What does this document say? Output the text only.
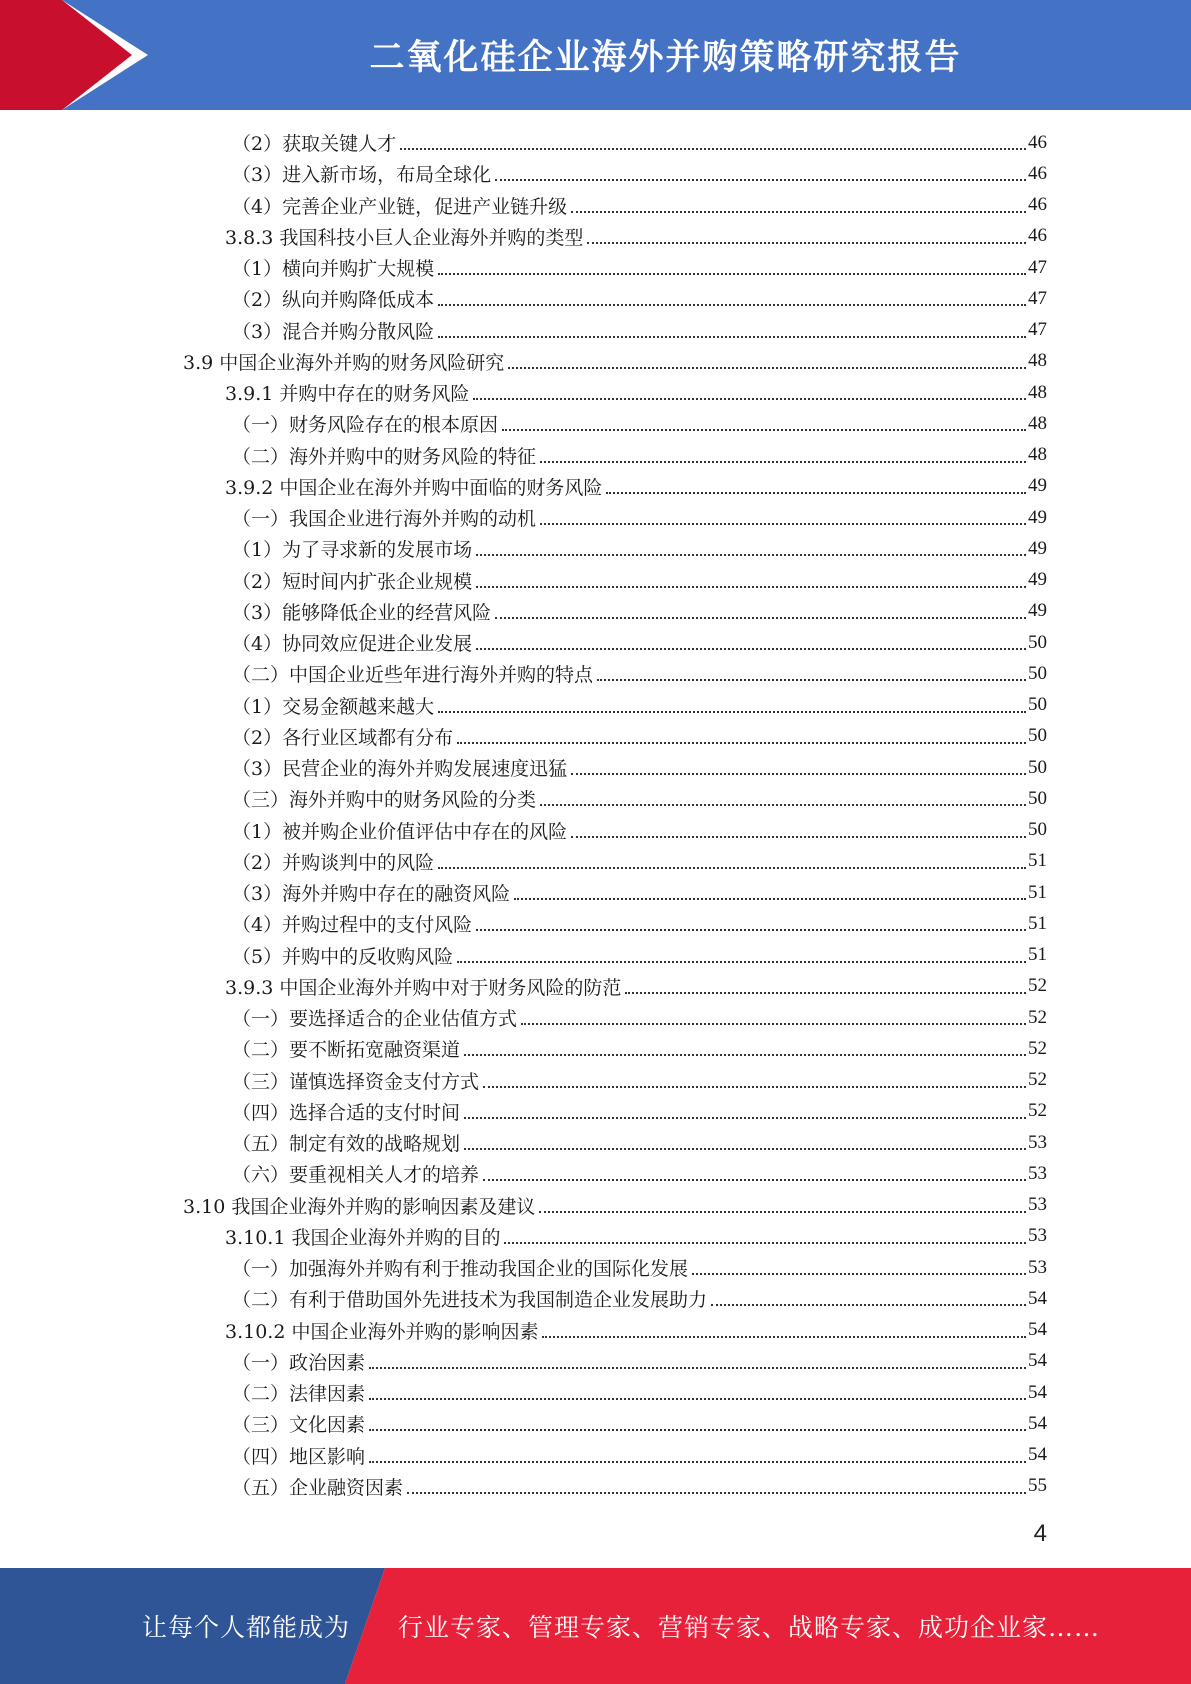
二氧化硅企业海外并购策略研究报告
（2）获取关键人才	46
（3）进入新市场，布局全球化	46
（4）完善企业产业链，促进产业链升级	46
3.8.3 我国科技小巨人企业海外并购的类型	46
（1）横向并购扩大规模	47
（2）纵向并购降低成本	47
（3）混合并购分散风险	47
3.9 中国企业海外并购的财务风险研究	48
3.9.1 并购中存在的财务风险	48
（一）财务风险存在的根本原因	48
（二）海外并购中的财务风险的特征	48
3.9.2 中国企业在海外并购中面临的财务风险	49
（一）我国企业进行海外并购的动机	49
（1）为了寻求新的发展市场	49
（2）短时间内扩张企业规模	49
（3）能够降低企业的经营风险	49
（4）协同效应促进企业发展	50
（二）中国企业近些年进行海外并购的特点	50
（1）交易金额越来越大	50
（2）各行业区域都有分布	50
（3）民营企业的海外并购发展速度迅猛	50
（三）海外并购中的财务风险的分类	50
（1）被并购企业价值评估中存在的风险	50
（2）并购谈判中的风险	51
（3）海外并购中存在的融资风险	51
（4）并购过程中的支付风险	51
（5）并购中的反收购风险	51
3.9.3 中国企业海外并购中对于财务风险的防范	52
（一）要选择适合的企业估值方式	52
（二）要不断拓宽融资渠道	52
（三）谨慎选择资金支付方式	52
（四）选择合适的支付时间	52
（五）制定有效的战略规划	53
（六）要重视相关人才的培养	53
3.10 我国企业海外并购的影响因素及建议	53
3.10.1 我国企业海外并购的目的	53
（一）加强海外并购有利于推动我国企业的国际化发展	53
（二）有利于借助国外先进技术为我国制造企业发展助力	54
3.10.2 中国企业海外并购的影响因素	54
（一）政治因素	54
（二）法律因素	54
（三）文化因素	54
（四）地区影响	54
（五）企业融资因素	55
4
让每个人都能成为 行业专家、管理专家、营销专家、战略专家、成功企业家……
